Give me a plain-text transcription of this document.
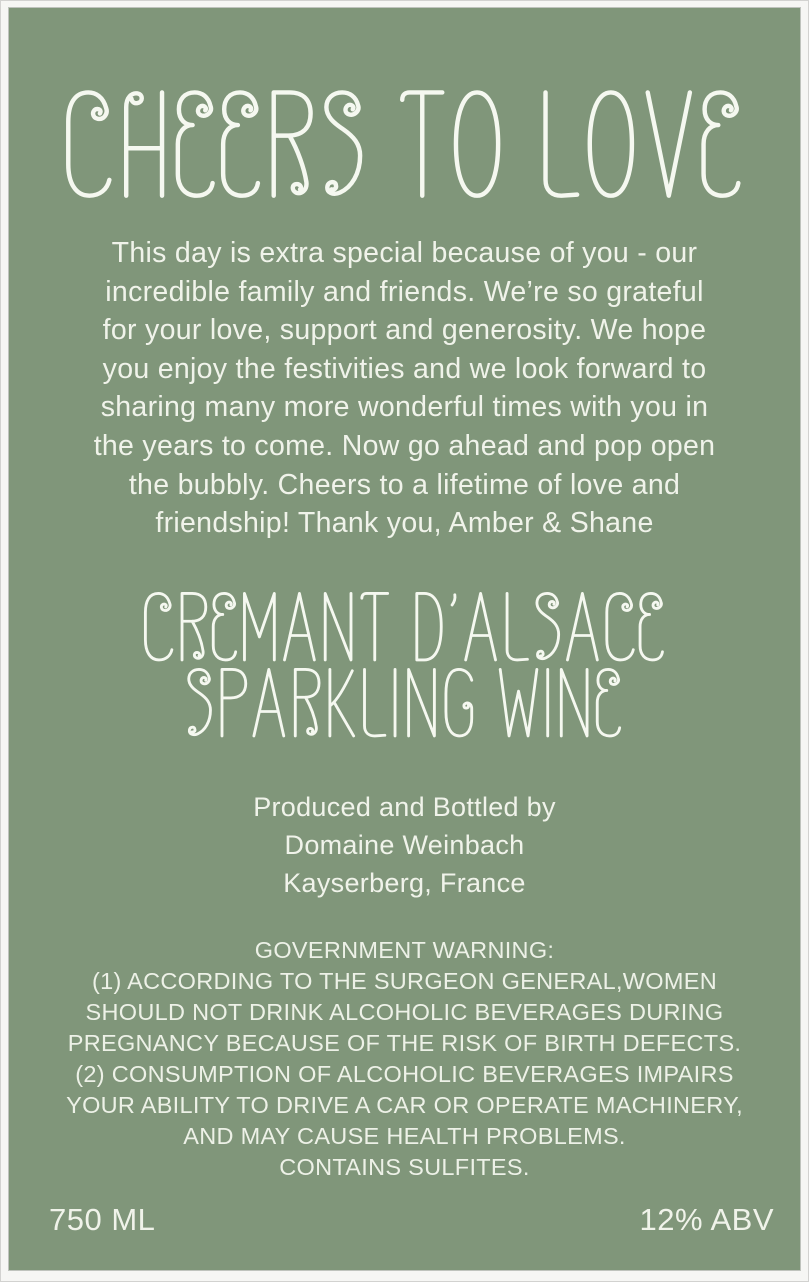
This day is extra special because of you - our
incredible family and friends. We’re so grateful
for your love, support and generosity. We hope
you enjoy the festivities and we look forward to
sharing many more wonderful times with you in
the years to come. Now go ahead and pop open
the bubbly. Cheers to a lifetime of love and
friendship! Thank you, Amber & Shane
Produced and Bottled by
Domaine Weinbach
Kayserberg, France
GOVERNMENT WARNING:
(1) ACCORDING TO THE SURGEON GENERAL,WOMEN
SHOULD NOT DRINK ALCOHOLIC BEVERAGES DURING
PREGNANCY BECAUSE OF THE RISK OF BIRTH DEFECTS.
(2) CONSUMPTION OF ALCOHOLIC BEVERAGES IMPAIRS
YOUR ABILITY TO DRIVE A CAR OR OPERATE MACHINERY,
AND MAY CAUSE HEALTH PROBLEMS.
CONTAINS SULFITES.
750 ML	12% ABV
